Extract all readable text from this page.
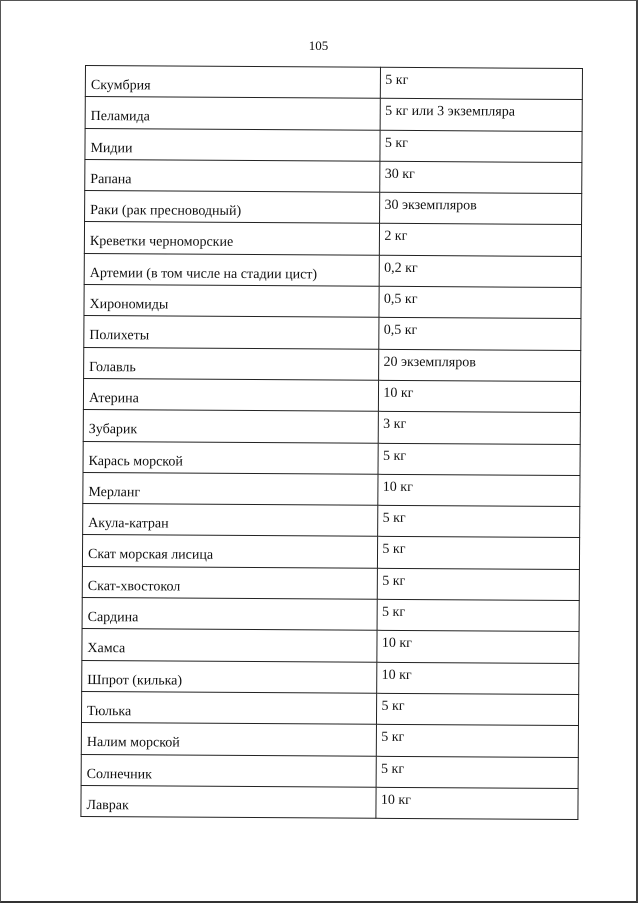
105
Скумбрия	5 кг
Пеламида	5 кг или 3 экземпляра
Мидии	5 кг
Рапана	30 кг
Раки (рак пресноводный)	30 экземпляров
Креветки черноморские	2 кг
Артемии (в том числе на стадии цист)	0,2 кг
Хирономиды	0,5 кг
Полихеты	0,5 кг
Голавль	20 экземпляров
Атерина	10 кг
Зубарик	3 кг
Карась морской	5 кг
Мерланг	10 кг
Акула-катран	5 кг
Скат морская лисица	5 кг
Скат-хвостокол	5 кг
Сардина	5 кг
Хамса	10 кг
Шпрот (килька)	10 кг
Тюлька	5 кг
Налим морской	5 кг
Солнечник	5 кг
Лаврак	10 кг
